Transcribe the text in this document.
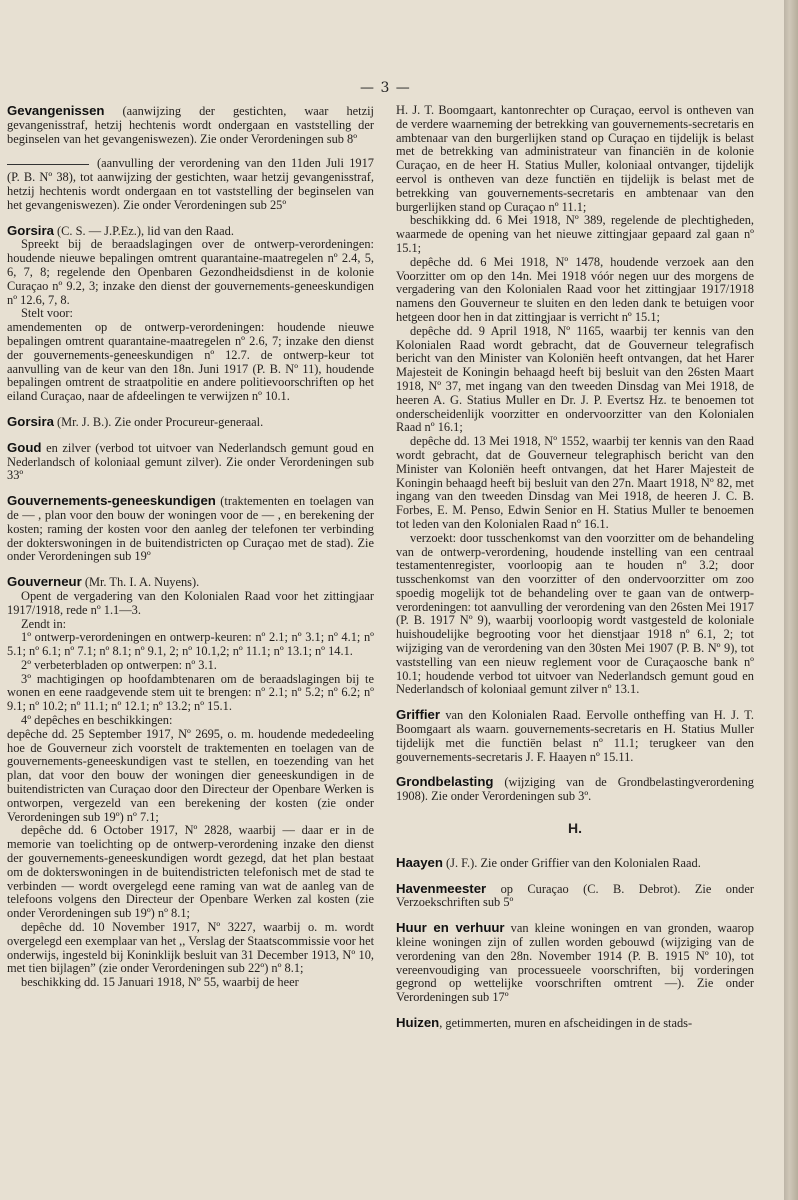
— 3 —

Gevangenissen (aanwijzing der gestichten, waar hetzij gevangenisstraf, hetzij hechtenis wordt ondergaan en vaststelling der beginselen van het gevangeniswezen). Zie onder Verordeningen sub 8º

(aanvulling der verordening van den 11den Juli 1917 (P. B. Nº 38), tot aanwijzing der gestichten, waar hetzij gevangenisstraf, hetzij hechtenis wordt ondergaan en tot vaststelling der beginselen van het gevangeniswezen). Zie onder Verordeningen sub 25º

Gorsira (C. S. — J.P.Ez.), lid van den Raad.

Spreekt bij de beraadslagingen over de ontwerp-verordeningen: houdende nieuwe bepalingen omtrent quarantaine-maatregelen nº 2.4, 5, 6, 7, 8; regelende den Openbaren Gezondheidsdienst in de kolonie Curaçao nº 9.2, 3; inzake den dienst der gouvernements-geneeskundigen nº 12.6, 7, 8.

Stelt voor:

amendementen op de ontwerp-verordeningen: houdende nieuwe bepalingen omtrent quarantaine-maatregelen nº 2.6, 7; inzake den dienst der gouvernements-geneeskundigen nº 12.7. de ontwerp-keur tot aanvulling van de keur van den 18n. Juni 1917 (P. B. Nº 11), houdende bepalingen omtrent de straatpolitie en andere politievoorschriften op het eiland Curaçao, naar de afdeelingen te verwijzen nº 10.1.

Gorsira (Mr. J. B.). Zie onder Procureur-generaal.

Goud en zilver (verbod tot uitvoer van Nederlandsch gemunt goud en Nederlandsch of koloniaal gemunt zilver). Zie onder Verordeningen sub 33º

Gouvernements-geneeskundigen (traktementen en toelagen van de — , plan voor den bouw der woningen voor de — , en berekening der kosten; raming der kosten voor den aanleg der telefonen ter verbinding der dokterswoningen in de buitendistricten op Curaçao met de stad). Zie onder Verordeningen sub 19º

Gouverneur (Mr. Th. I. A. Nuyens).

Opent de vergadering van den Kolonialen Raad voor het zittingjaar 1917/1918, rede nº 1.1—3.

Zendt in:

1º ontwerp-verordeningen en ontwerp-keuren: nº 2.1; nº 3.1; nº 4.1; nº 5.1; nº 6.1; nº 7.1; nº 8.1; nº 9.1, 2; nº 10.1,2; nº 11.1; nº 13.1; nº 14.1.

2º verbeterbladen op ontwerpen: nº 3.1.

3º machtigingen op hoofdambtenaren om de beraadslagingen bij te wonen en eene raadgevende stem uit te brengen: nº 2.1; nº 5.2; nº 6.2; nº 9.1; nº 10.2; nº 11.1; nº 12.1; nº 13.2; nº 15.1.

4º depêches en beschikkingen:

depêche dd. 25 September 1917, Nº 2695, o. m. houdende mededeeling hoe de Gouverneur zich voorstelt de traktementen en toelagen van de gouvernements-geneeskundigen vast te stellen, en toezending van het plan, dat voor den bouw der woningen dier geneeskundigen in de buitendistricten van Curaçao door den Directeur der Openbare Werken is ontworpen, vergezeld van een berekening der kosten (zie onder Verordeningen sub 19º) nº 7.1;

depêche dd. 6 October 1917, Nº 2828, waarbij — daar er in de memorie van toelichting op de ontwerp-verordening inzake den dienst der gouvernements-geneeskundigen wordt gezegd, dat het plan bestaat om de dokterswoningen in de buitendistricten telefonisch met de stad te verbinden — wordt overgelegd eene raming van wat de aanleg van de telefoons volgens den Directeur der Openbare Werken zal kosten (zie onder Verordeningen sub 19º) nº 8.1;

depêche dd. 10 November 1917, Nº 3227, waarbij o. m. wordt overgelegd een exemplaar van het ,, Verslag der Staatscommissie voor het onderwijs, ingesteld bij Koninklijk besluit van 31 December 1913, Nº 10, met tien bijlagen” (zie onder Verordeningen sub 22º) nº 8.1;

beschikking dd. 15 Januari 1918, Nº 55, waarbij de heer

H. J. T. Boomgaart, kantonrechter op Curaçao, eervol is ontheven van de verdere waarneming der betrekking van gouvernements-secretaris en ambtenaar van den burgerlijken stand op Curaçao en tijdelijk is belast met de betrekking van administrateur van financiën in de kolonie Curaçao, en de heer H. Statius Muller, koloniaal ontvanger, tijdelijk eervol is ontheven van deze functiën en tijdelijk is belast met de betrekking van gouvernements-secretaris en ambtenaar van den burgerlijken stand op Curaçao nº 11.1;

beschikking dd. 6 Mei 1918, Nº 389, regelende de plechtigheden, waarmede de opening van het nieuwe zittingjaar gepaard zal gaan nº 15.1;

depêche dd. 6 Mei 1918, Nº 1478, houdende verzoek aan den Voorzitter om op den 14n. Mei 1918 vóór negen uur des morgens de vergadering van den Kolonialen Raad voor het zittingjaar 1917/1918 namens den Gouverneur te sluiten en den leden dank te betuigen voor hetgeen door hen in dat zittingjaar is verricht nº 15.1;

depêche dd. 9 April 1918, Nº 1165, waarbij ter kennis van den Kolonialen Raad wordt gebracht, dat de Gouverneur telegrafisch bericht van den Minister van Koloniën heeft ontvangen, dat het Harer Majesteit de Koningin behaagd heeft bij besluit van den 26sten Maart 1918, Nº 37, met ingang van den tweeden Dinsdag van Mei 1918, de heeren A. G. Statius Muller en Dr. J. P. Evertsz Hz. te benoemen tot onderscheidenlijk voorzitter en ondervoorzitter van den Kolonialen Raad nº 16.1;

depêche dd. 13 Mei 1918, Nº 1552, waarbij ter kennis van den Raad wordt gebracht, dat de Gouverneur telegraphisch bericht van den Minister van Koloniën heeft ontvangen, dat het Harer Majesteit de Koningin behaagd heeft bij besluit van den 27n. Maart 1918, Nº 82, met ingang van den tweeden Dinsdag van Mei 1918, de heeren J. C. B. Forbes, E. M. Penso, Edwin Senior en H. Statius Muller te benoemen tot leden van den Kolonialen Raad nº 16.1.

verzoekt: door tusschenkomst van den voorzitter om de behandeling van de ontwerp-verordening, houdende instelling van een centraal testamentenregister, voorloopig aan te houden nº 3.2; door tusschenkomst van den voorzitter of den ondervoorzitter om zoo spoedig mogelijk tot de behandeling over te gaan van de ontwerp-verordeningen: tot aanvulling der verordening van den 26sten Mei 1917 (P. B. 1917 Nº 9), waarbij voorloopig wordt vastgesteld de koloniale huishoudelijke begrooting voor het dienstjaar 1918 nº 6.1, 2; tot wijziging van de verordening van den 30sten Mei 1907 (P. B. Nº 9), tot vaststelling van een nieuw reglement voor de Curaçaosche bank nº 10.1; houdende verbod tot uitvoer van Nederlandsch gemunt goud en Nederlandsch of koloniaal gemunt zilver nº 13.1.

Griffier van den Kolonialen Raad. Eervolle ontheffing van H. J. T. Boomgaart als waarn. gouvernements-secretaris en H. Statius Muller tijdelijk met die functiën belast nº 11.1; terugkeer van den gouvernements-secretaris J. F. Haayen nº 15.11.

Grondbelasting (wijziging van de Grondbelastingverordening 1908). Zie onder Verordeningen sub 3º.

H.

Haayen (J. F.). Zie onder Griffier van den Kolonialen Raad.

Havenmeester op Curaçao (C. B. Debrot). Zie onder Verzoekschriften sub 5º

Huur en verhuur van kleine woningen en van gronden, waarop kleine woningen zijn of zullen worden gebouwd (wijziging van de verordening van den 28n. November 1914 (P. B. 1915 Nº 10), tot vereenvoudiging van processueele voorschriften, bij vorderingen gegrond op wettelijke voorschriften omtrent —). Zie onder Verordeningen sub 17º

Huizen, getimmerten, muren en afscheidingen in de stads-
